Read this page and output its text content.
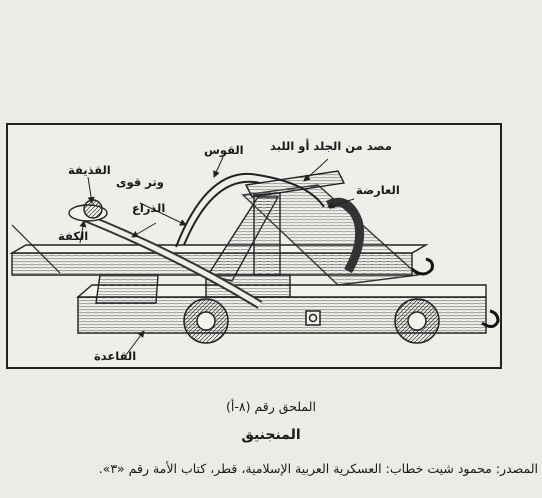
القذيفة
وتر قوى
القوس مصد من الجلد أو اللبد
العارضة
الذراع
الكفة
القاعدة
الملحق رقم (٨-أ)
المنجنيق
المصدر: محمود شيت خطاب: العسكرية العربية الإسلامية، قطر، كتاب الأمة رقم «٣».
